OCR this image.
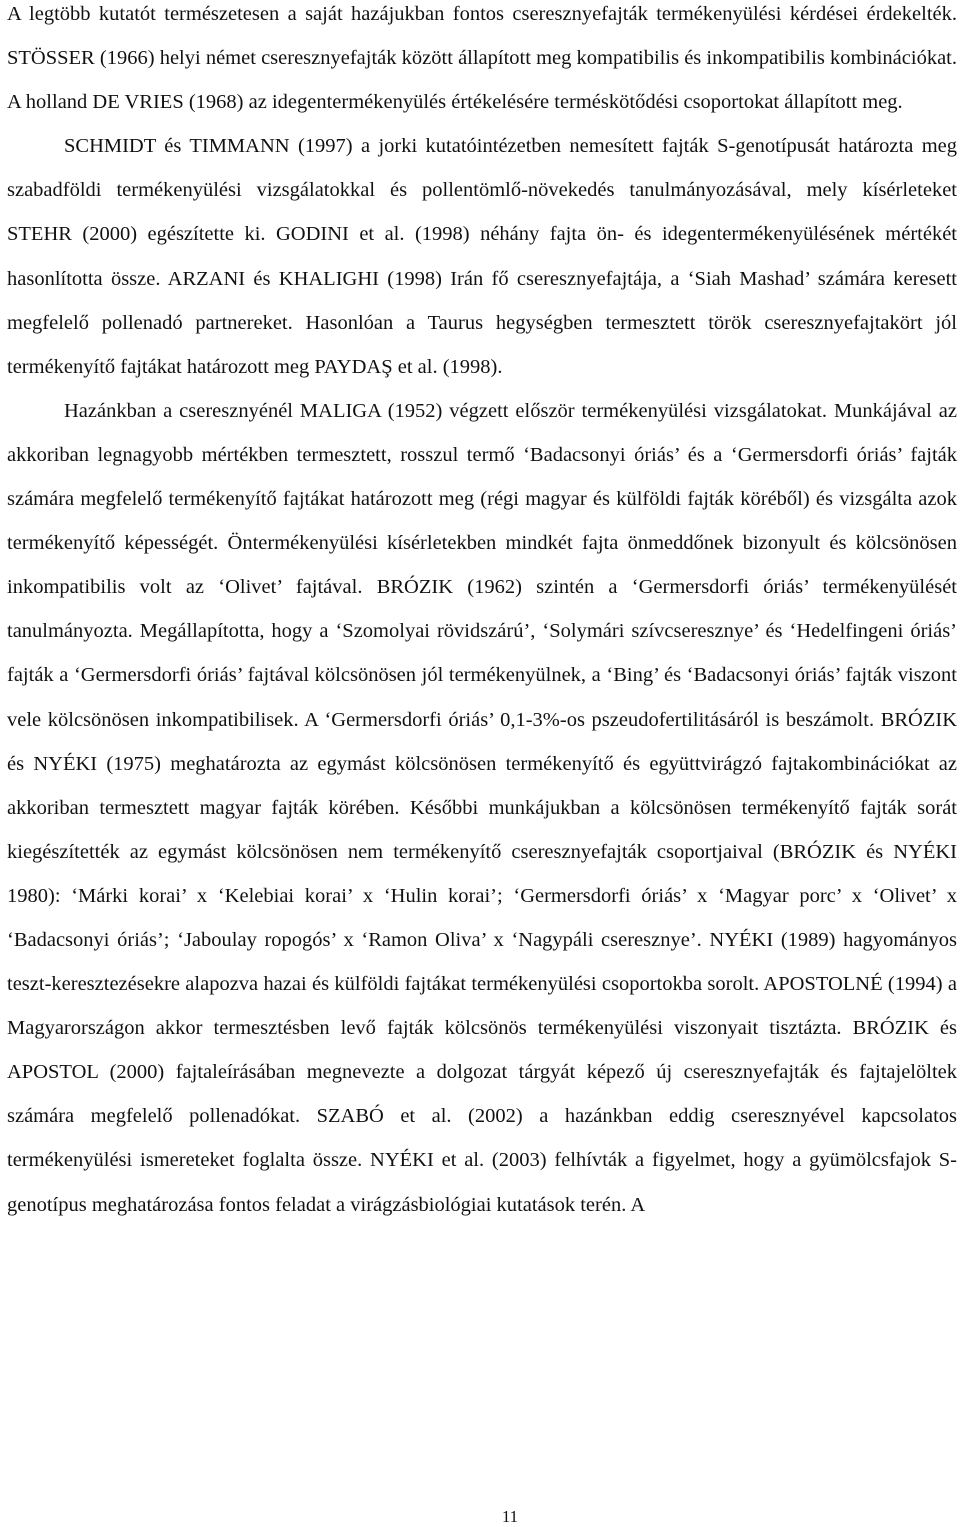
A legtöbb kutatót természetesen a saját hazájukban fontos cseresznyefajták termékenyülési kérdései érdekelték. STÖSSER (1966) helyi német cseresznyefajták között állapított meg kompatibilis és inkompatibilis kombinációkat. A holland DE VRIES (1968) az idegentermékenyülés értékelésére terméskötődési csoportokat állapított meg.

SCHMIDT és TIMMANN (1997) a jorki kutatóintézetben nemesített fajták S-genotípusát határozta meg szabadföldi termékenyülési vizsgálatokkal és pollentömlő-növekedés tanulmányozásával, mely kísérleteket STEHR (2000) egészítette ki. GODINI et al. (1998) néhány fajta ön- és idegentermékenyülésének mértékét hasonlította össze. ARZANI és KHALIGHI (1998) Irán fő cseresznyefajtája, a ‘Siah Mashad’ számára keresett megfelelő pollenadó partnereket. Hasonlóan a Taurus hegységben termesztett török cseresznyefajtakört jól termékenyítő fajtákat határozott meg PAYDAŞ et al. (1998).

Hazánkban a cseresznyénél MALIGA (1952) végzett először termékenyülési vizsgálatokat. Munkájával az akkoriban legnagyobb mértékben termesztett, rosszul termő ‘Badacsonyi óriás’ és a ‘Germersdorfi óriás’ fajták számára megfelelő termékenyítő fajtákat határozott meg (régi magyar és külföldi fajták köréből) és vizsgálta azok termékenyítő képességét. Öntermékenyülési kísérletekben mindkét fajta önmeddőnek bizonyult és kölcsönösen inkompatibilis volt az ‘Olivet’ fajtával. BRÓZIK (1962) szintén a ‘Germersdorfi óriás’ termékenyülését tanulmányozta. Megállapította, hogy a ‘Szomolyai rövidszárú’, ‘Solymári szívcseresznye’ és ‘Hedelfingeni óriás’ fajták a ‘Germersdorfi óriás’ fajtával kölcsönösen jól termékenyülnek, a ‘Bing’ és ‘Badacsonyi óriás’ fajták viszont vele kölcsönösen inkompatibilisek. A ‘Germersdorfi óriás’ 0,1-3%-os pszeudofertilitásáról is beszámolt. BRÓZIK és NYÉKI (1975) meghatározta az egymást kölcsönösen termékenyítő és együttvirágzó fajtakombinációkat az akkoriban termesztett magyar fajták körében. Későbbi munkájukban a kölcsönösen termékenyítő fajták sorát kiegészítették az egymást kölcsönösen nem termékenyítő cseresznyefajták csoportjaival (BRÓZIK és NYÉKI 1980): ‘Márki korai’ x ‘Kelebiai korai’ x ‘Hulin korai’; ‘Germersdorfi óriás’ x ‘Magyar porc’ x ‘Olivet’ x ‘Badacsonyi óriás’; ‘Jaboulay ropogós’ x ‘Ramon Oliva’ x ‘Nagypáli cseresznye’. NYÉKI (1989) hagyományos teszt-keresztezésekre alapozva hazai és külföldi fajtákat termékenyülési csoportokba sorolt. APOSTOLNÉ (1994) a Magyarországon akkor termesztésben levő fajták kölcsönös termékenyülési viszonyait tisztázta. BRÓZIK és APOSTOL (2000) fajtaleírásában megnevezte a dolgozat tárgyát képező új cseresznyefajták és fajtajelöltek számára megfelelő pollenadókat. SZABÓ et al. (2002) a hazánkban eddig cseresznyével kapcsolatos termékenyülési ismereteket foglalta össze. NYÉKI et al. (2003) felhívták a figyelmet, hogy a gyümölcsfajok S-genotípus meghatározása fontos feladat a virágzásbiológiai kutatások terén. A

11
